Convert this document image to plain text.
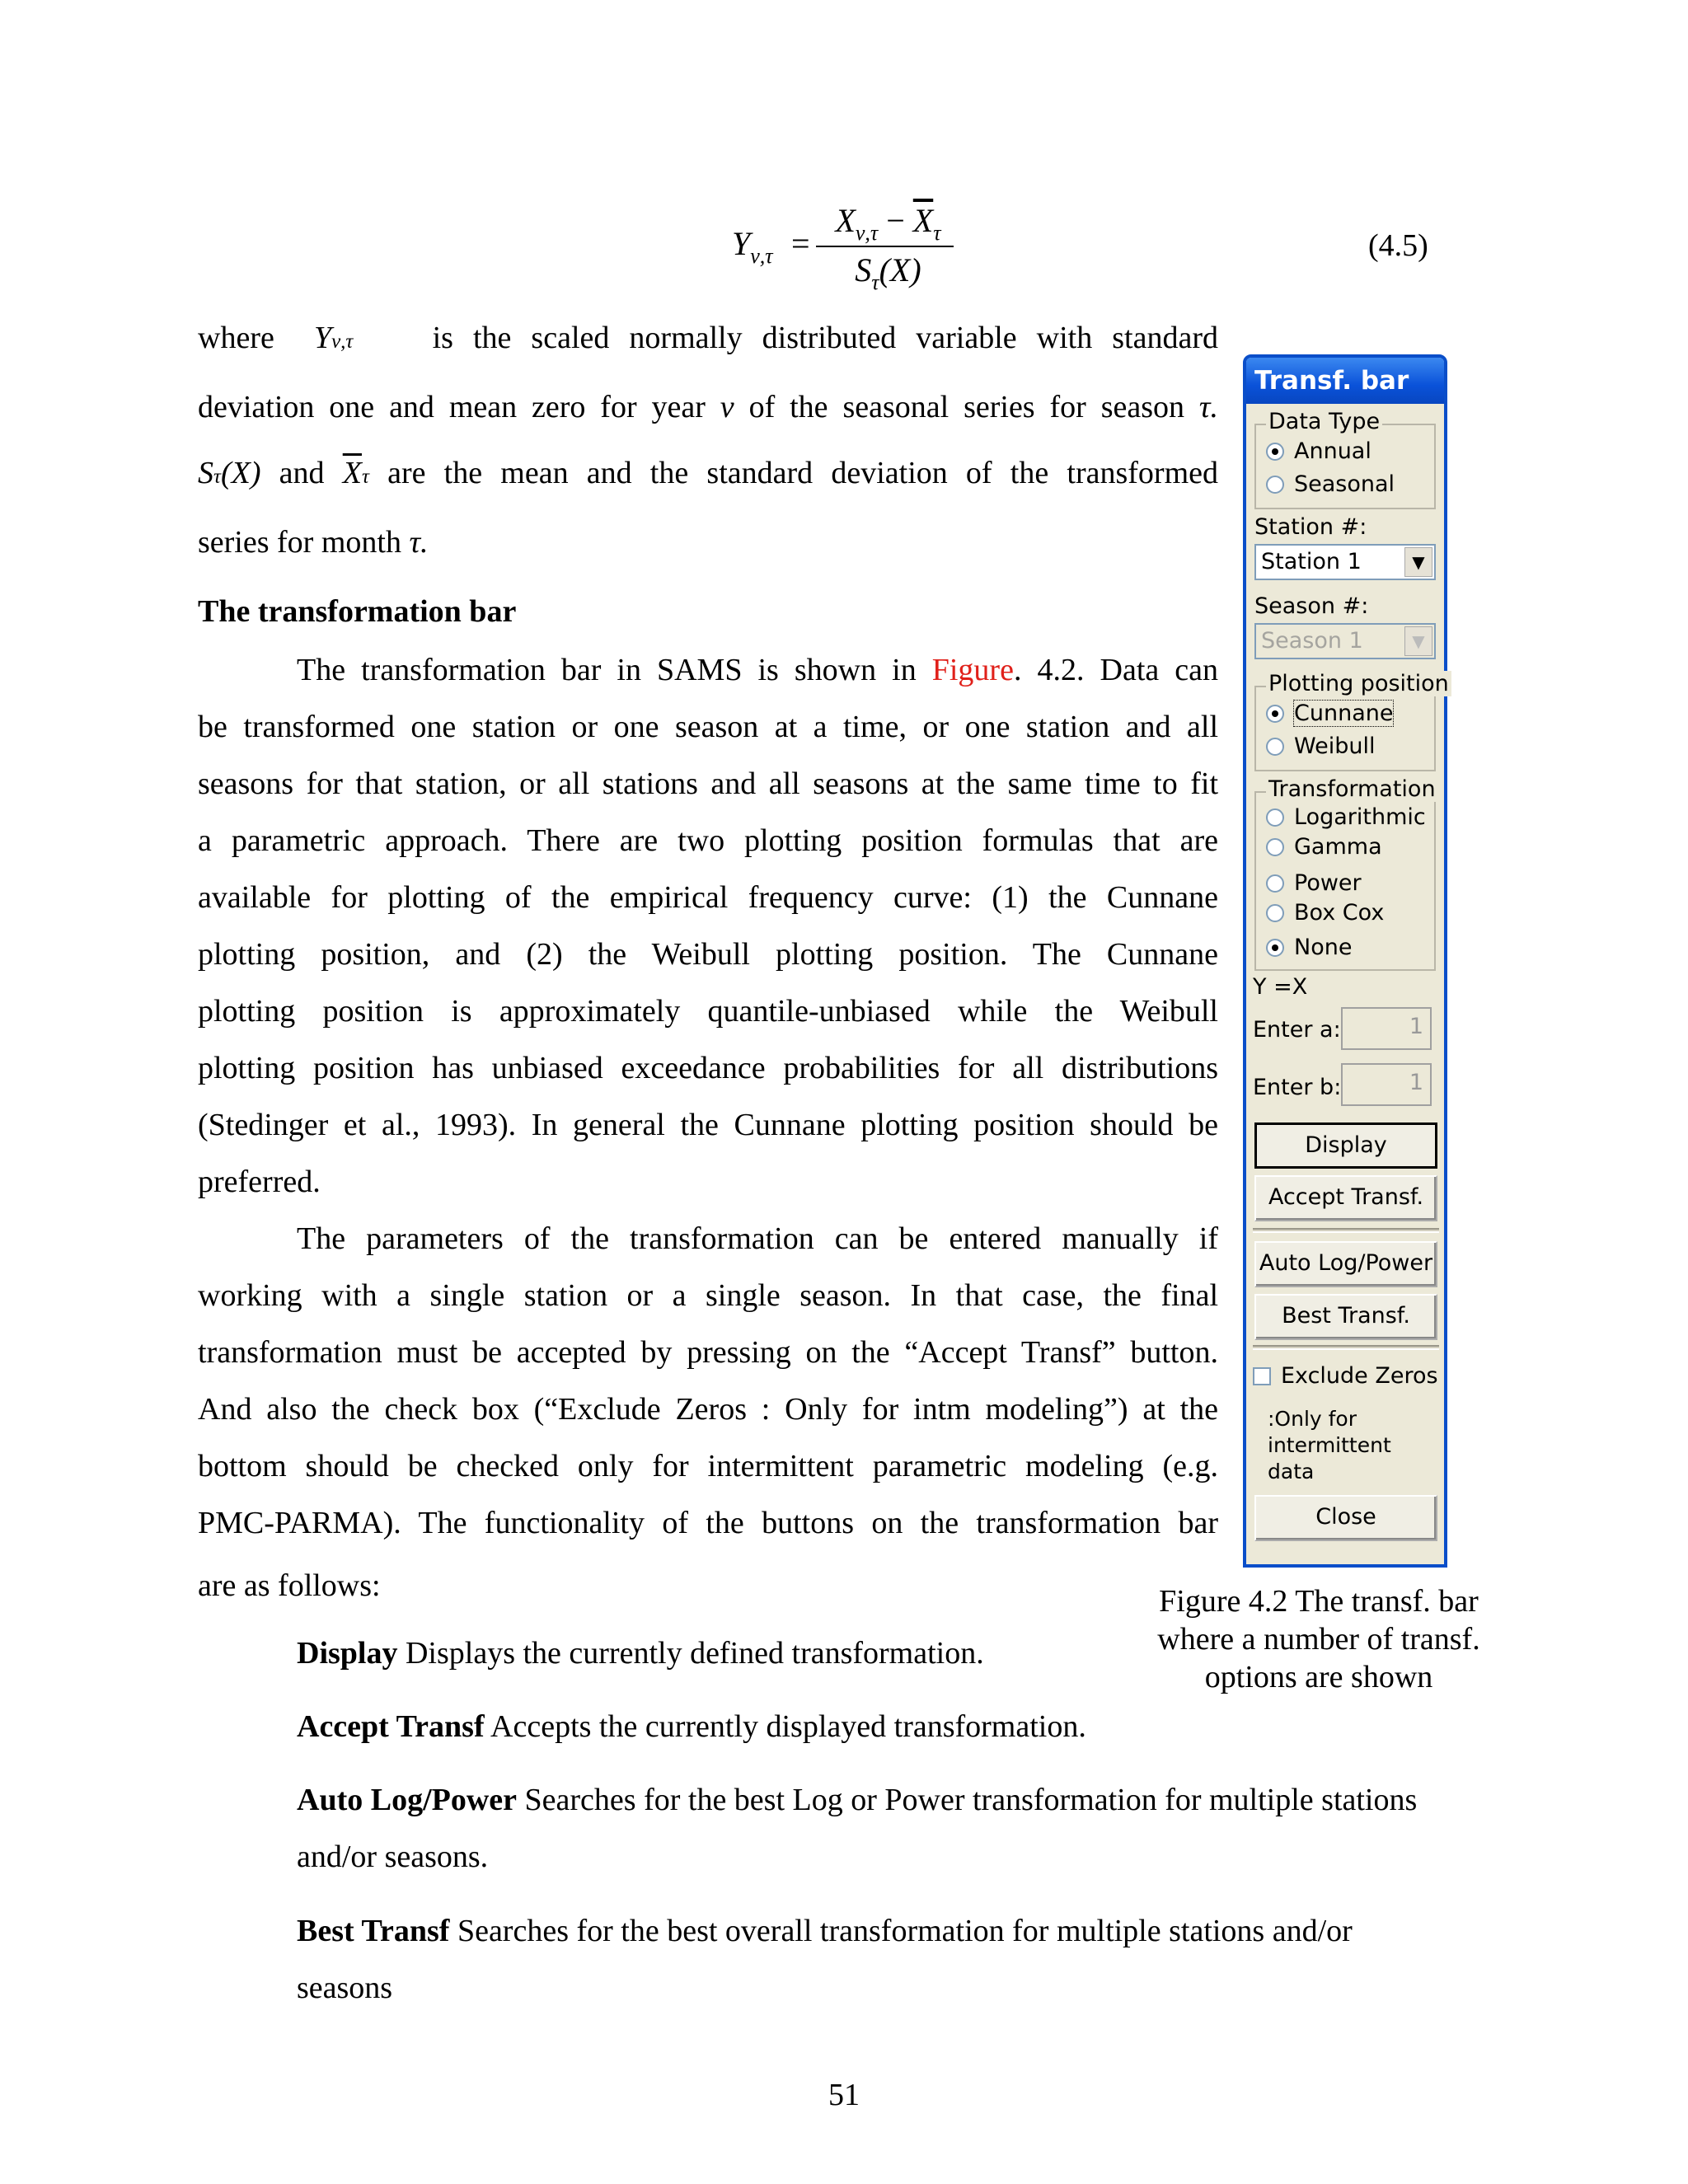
$Y_{\nu,\tau}$ =
$X_{\nu,\tau} - \overline{X}_\tau$
$S_\tau(X)$
(4.5)
where Yν,τ	is the scaled normally distributed variable with standard
deviation one and mean zero for year ν of the seasonal series for season τ.
Sτ(X) and $\overline{X}\tau$ are the mean and the standard deviation of the transformed
series for month τ.
The transformation bar
The transformation bar in SAMS is shown in Figure. 4.2. Data can
be transformed one station or one season at a time, or one station and all
seasons for that station, or all stations and all seasons at the same time to fit
a parametric approach. There are two plotting position formulas that are
available for plotting of the empirical frequency curve: (1) the Cunnane
plotting position, and (2) the Weibull plotting position. The Cunnane
plotting position is approximately quantile-unbiased while the Weibull
plotting position has unbiased exceedance probabilities for all distributions
(Stedinger et al., 1993). In general the Cunnane plotting position should be
preferred.
The parameters of the transformation can be entered manually if
working with a single station or a single season. In that case, the final
transformation must be accepted by pressing on the “Accept Transf” button.
And also the check box (“Exclude Zeros : Only for intm modeling”) at the
bottom should be checked only for intermittent parametric modeling (e.g.
PMC-PARMA). The functionality of the buttons on the transformation bar
are as follows:
Display Displays the currently defined transformation.
Accept Transf Accepts the currently displayed transformation.
Auto Log/Power Searches for the best Log or Power transformation for multiple stations
and/or seasons.
Best Transf Searches for the best overall transformation for multiple stations and/or
seasons
Figure 4.2 The transf. bar
where a number of transf.
options are shown
51
Transf. bar
Data Type
Annual
Seasonal
Station #:
Station 1	▼
Season #:
Season 1	▼
Plotting position
Cunnane
Weibull
Transformation
Logarithmic
Gamma
Power
Box Cox
None
Y =X
Enter a:	1
Enter b:	1
Display
Accept Transf.
Auto Log/Power
Best Transf.
Exclude Zeros
:Only for
intermittent
data
Close
